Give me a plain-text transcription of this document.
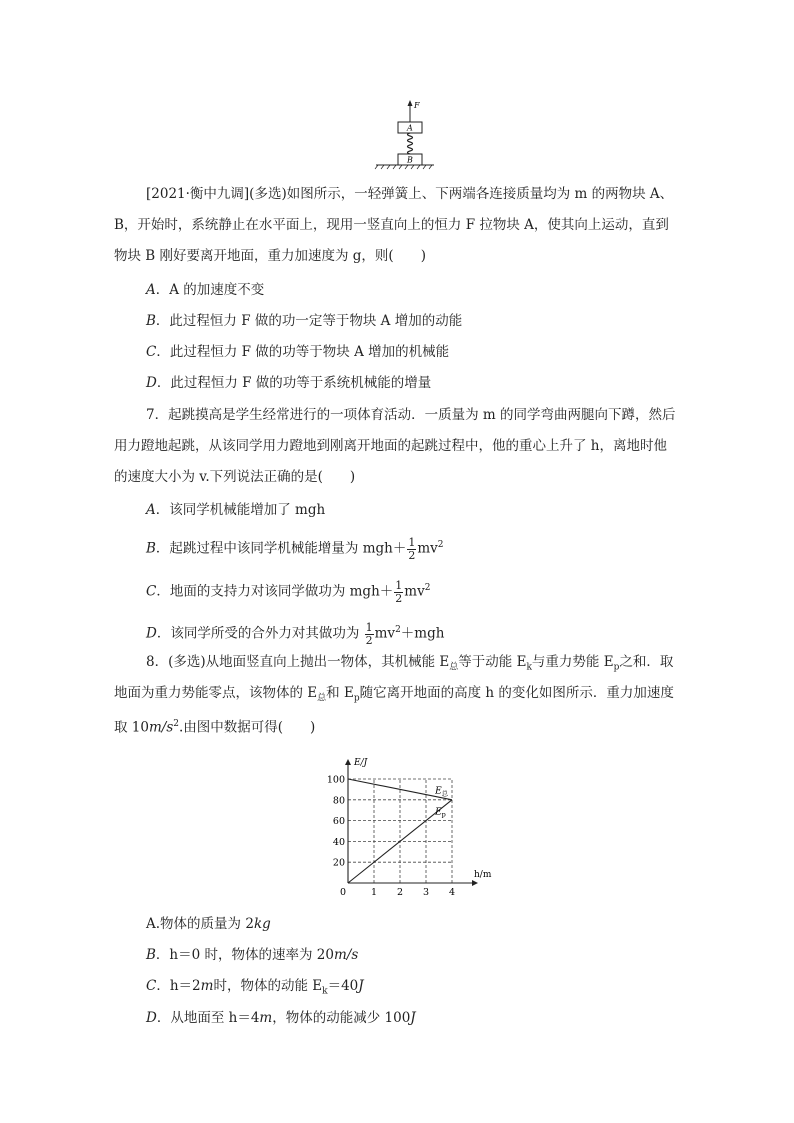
F
A
B
[2021·衡中九调](多选)如图所示，一轻弹簧上、下两端各连接质量均为 m 的两物块 A、
B，开始时，系统静止在水平面上，现用一竖直向上的恒力 F 拉物块 A，使其向上运动，直到
物块 B 刚好要离开地面，重力加速度为 g，则(　　)
A．A 的加速度不变
B．此过程恒力 F 做的功一定等于物块 A 增加的动能
C．此过程恒力 F 做的功等于物块 A 增加的机械能
D．此过程恒力 F 做的功等于系统机械能的增量
7．起跳摸高是学生经常进行的一项体育活动．一质量为 m 的同学弯曲两腿向下蹲，然后
用力蹬地起跳，从该同学用力蹬地到刚离开地面的起跳过程中，他的重心上升了 h，离地时他
的速度大小为 v.下列说法正确的是(　　)
A．该同学机械能增加了 mgh
B．起跳过程中该同学机械能增量为 $mgh+ \frac{1}{2} mv^2$
C．地面的支持力对该同学做功为 $mgh+ \frac{1}{2} mv^2$
D．该同学所受的合外力对其做功为 $\frac{1}{2} mv^2+mgh$
8．(多选)从地面竖直向上抛出一物体，其机械能 $E_总$等于动能 $E_k$与重力势能 $E_p$之和．取
地面为重力势能零点，该物体的 $E_总$和 $E_p$随它离开地面的高度 h 的变化如图所示．重力加速度
取 $10m/s^2$.由图中数据可得(　　)
E/J
h/m
0	1 2 3 4
20
40
60
80
100
$E_总$
$E_p$
A.物体的质量为 2kg
B．h＝0 时，物体的速率为 20m/s
C．h＝2m时，物体的动能 $E_k=40J$
D．从地面至 h＝4m，物体的动能减少 100J
